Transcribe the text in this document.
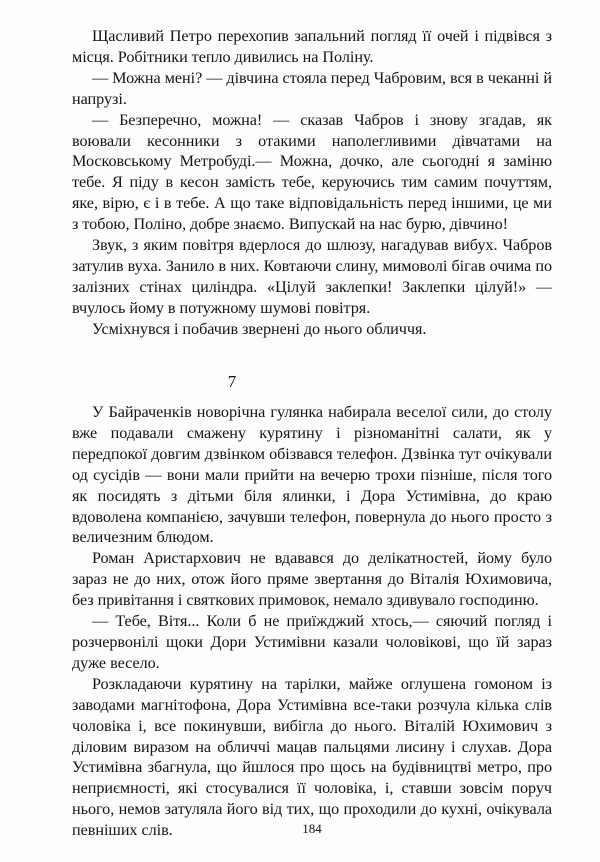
Щасливий Петро перехопив запальний погляд її очей і підвівся з місця. Робітники тепло дивились на Поліну.

— Можна мені? — дівчина стояла перед Чабровим, вся в чеканні й напрузі.

— Безперечно, можна! — сказав Чабров і знову згадав, як воювали кесонники з отакими наполегливими дівчатами на Московському Метробуді.— Можна, дочко, але сьогодні я заміню тебе. Я піду в кесон замість тебе, керуючись тим самим почуттям, яке, вірю, є і в тебе. А що таке відповідальність перед іншими, це ми з тобою, Поліно, добре знаємо. Випускай на нас бурю, дівчино!

Звук, з яким повітря вдерлося до шлюзу, нагадував вибух. Чабров затулив вуха. Занило в них. Ковтаючи слину, мимоволі бігав очима по залізних стінах циліндра. «Цілуй заклепки! Заклепки цілуй!» — вчулось йому в потужному шумові повітря.

Усміхнувся і побачив звернені до нього обличчя.

7

У Байраченків новорічна гулянка набирала веселої сили, до столу вже подавали смажену курятину і різноманітні салати, як у передпокої довгим дзвінком обізвався телефон. Дзвінка тут очікували од сусідів — вони мали прийти на вечерю трохи пізніше, після того як посидять з дітьми біля ялинки, і Дора Устимівна, до краю вдоволена компанією, зачувши телефон, повернула до нього просто з величезним блюдом.

Роман Аристархович не вдавався до делікатностей, йому було зараз не до них, отож його пряме звертання до Віталія Юхимовича, без привітання і святкових примовок, немало здивувало господиню.

— Тебе, Вітя... Коли б не приїжджий хтось,— сяючий погляд і розчервонілі щоки Дори Устимівни казали чоловікові, що їй зараз дуже весело.

Розкладаючи курятину на тарілки, майже оглушена гомоном із заводами магнітофона, Дора Устимівна все-таки розчула кілька слів чоловіка і, все покинувши, вибігла до нього. Віталій Юхимович з діловим виразом на обличчі мацав пальцями лисину і слухав. Дора Устимівна збагнула, що йшлося про щось на будівництві метро, про неприємності, які стосувалися її чоловіка, і, ставши зовсім поруч нього, немов затуляла його від тих, що проходили до кухні, очікувала певніших слів.	184
